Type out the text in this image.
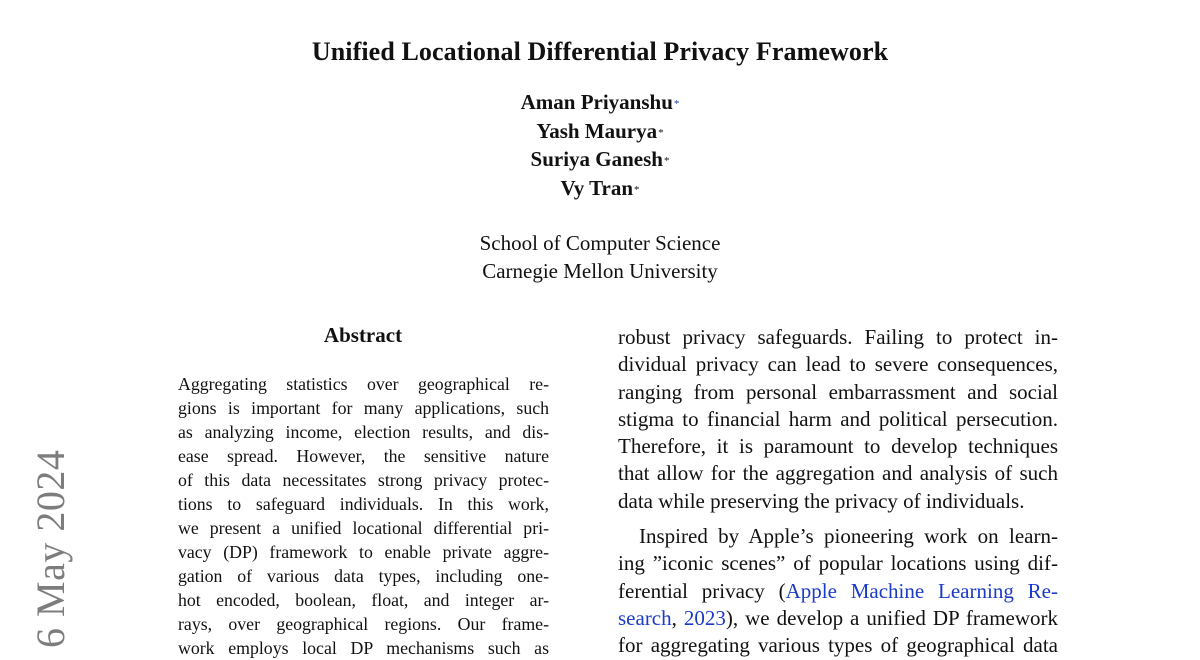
Unified Locational Differential Privacy Framework
Aman Priyanshu*
Yash Maurya*
Suriya Ganesh*
Vy Tran*
School of Computer Science
Carnegie Mellon University
Abstract
Aggregating statistics over geographical re-
gions is important for many applications, such
as analyzing income, election results, and dis-
ease spread. However, the sensitive nature
of this data necessitates strong privacy protec-
tions to safeguard individuals. In this work,
we present a unified locational differential pri-
vacy (DP) framework to enable private aggre-
gation of various data types, including one-
hot encoded, boolean, float, and integer ar-
rays, over geographical regions. Our frame-
work employs local DP mechanisms such as
robust privacy safeguards. Failing to protect in-
dividual privacy can lead to severe consequences,
ranging from personal embarrassment and social
stigma to financial harm and political persecution.
Therefore, it is paramount to develop techniques
that allow for the aggregation and analysis of such
data while preserving the privacy of individuals.
Inspired by Apple’s pioneering work on learn-
ing ”iconic scenes” of popular locations using dif-
ferential privacy (Apple Machine Learning Re-
search, 2023), we develop a unified DP framework
for aggregating various types of geographical data
6 May 2024
